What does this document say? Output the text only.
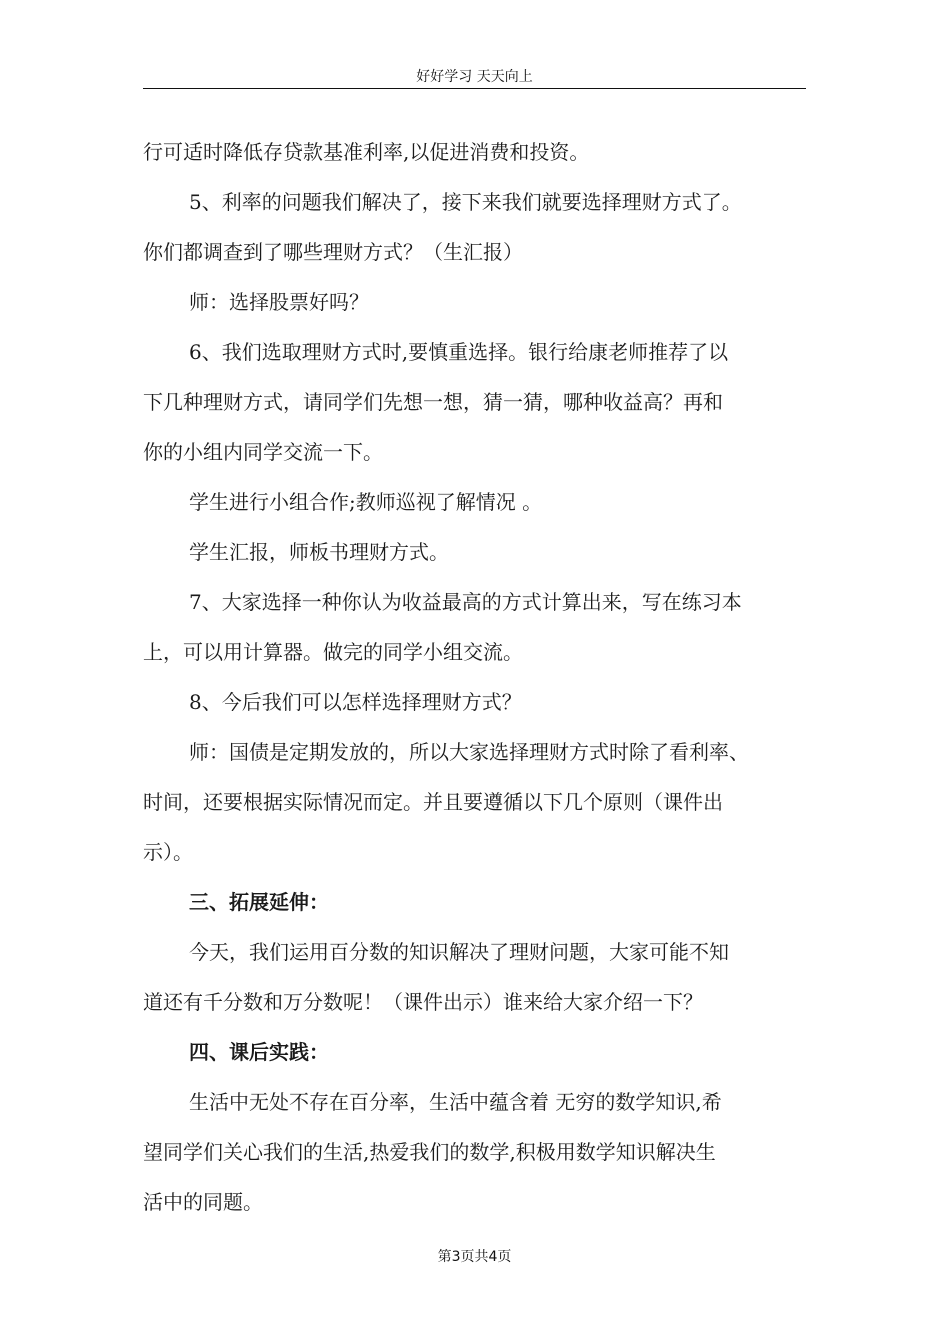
好好学习 天天向上

行可适时降低存贷款基准利率,以促进消费和投资。

5、利率的问题我们解决了，接下来我们就要选择理财方式了。
你们都调查到了哪些理财方式？（生汇报）

师：选择股票好吗？

6、我们选取理财方式时,要慎重选择。银行给康老师推荐了以
下几种理财方式，请同学们先想一想，猜一猜，哪种收益高？再和
你的小组内同学交流一下。

学生进行小组合作;教师巡视了解情况 。

学生汇报，师板书理财方式。

7、大家选择一种你认为收益最高的方式计算出来，写在练习本
上，可以用计算器。做完的同学小组交流。

8、今后我们可以怎样选择理财方式？

师：国债是定期发放的，所以大家选择理财方式时除了看利率、
时间，还要根据实际情况而定。并且要遵循以下几个原则（课件出
示）。

三、拓展延伸：

今天，我们运用百分数的知识解决了理财问题，大家可能不知
道还有千分数和万分数呢！（课件出示）谁来给大家介绍一下？

四、课后实践：

生活中无处不存在百分率，生活中蕴含着 无穷的数学知识,希
望同学们关心我们的生活,热爱我们的数学,积极用数学知识解决生
活中的同题。

第3页共4页
